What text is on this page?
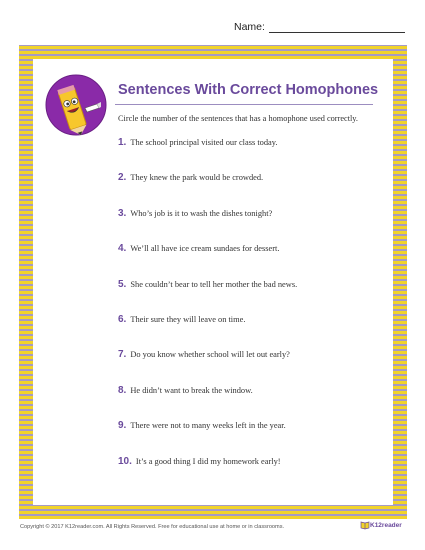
Name:
Sentences With Correct Homophones
Circle the number of the sentences that has a homophone used correctly.
1. The school principal visited our class today.
2. They knew the park would be crowded.
3. Who’s job is it to wash the dishes tonight?
4. We’ll all have ice cream sundaes for dessert.
5. She couldn’t bear to tell her mother the bad news.
6. Their sure they will leave on time.
7. Do you know whether school will let out early?
8. He didn’t want to break the window.
9. There were not to many weeks left in the year.
10. It’s a good thing I did my homework early!
Copyright © 2017 K12reader.com. All Rights Reserved. Free for educational use at home or in classrooms.	K12reader
